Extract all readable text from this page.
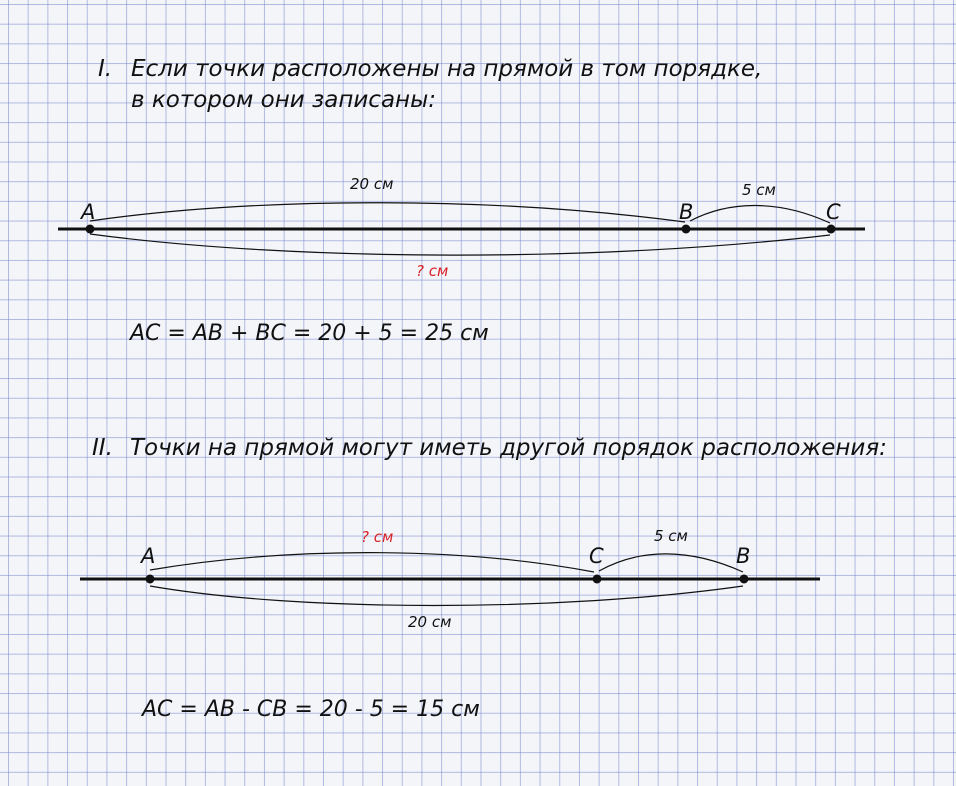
I. Если точки расположены на прямой в том порядке,
в котором они записаны:
A	B	C
20 см	5 см
? см
AC = AB + BC = 20 + 5 = 25 см
II. Точки на прямой могут иметь другой порядок расположения:
A	C	B
? см	5 см
20 см
AC = AB - CB = 20 - 5 = 15 см
